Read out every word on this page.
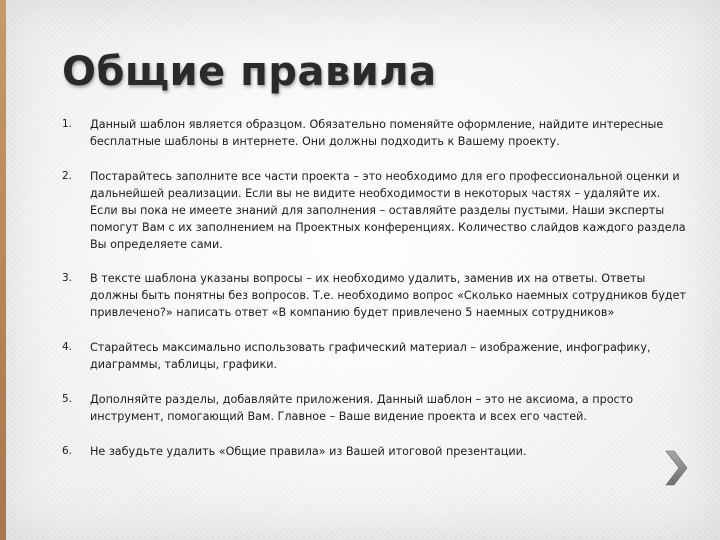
Общие правила
1.	Данный шаблон является образцом. Обязательно поменяйте оформление, найдите интересные бесплатные шаблоны в интернете. Они должны подходить к Вашему проекту.
2.	Постарайтесь заполните все части проекта – это необходимо для его профессиональной оценки и дальнейшей реализации. Если вы не видите необходимости в некоторых частях – удаляйте их. Если вы пока не имеете знаний для заполнения – оставляйте разделы пустыми. Наши эксперты помогут Вам с их заполнением на Проектных конференциях. Количество слайдов каждого раздела Вы определяете сами.
3.	В тексте шаблона указаны вопросы – их необходимо удалить, заменив их на ответы. Ответы должны быть понятны без вопросов. Т.е. необходимо вопрос «Сколько наемных сотрудников будет привлечено?» написать ответ «В компанию будет привлечено 5 наемных сотрудников»
4.	Старайтесь максимально использовать графический материал – изображение, инфографику, диаграммы, таблицы, графики.
5.	Дополняйте разделы, добавляйте приложения. Данный шаблон – это не аксиома, а просто инструмент, помогающий Вам. Главное – Ваше видение проекта и всех его частей.
6.	Не забудьте удалить «Общие правила» из Вашей итоговой презентации.
